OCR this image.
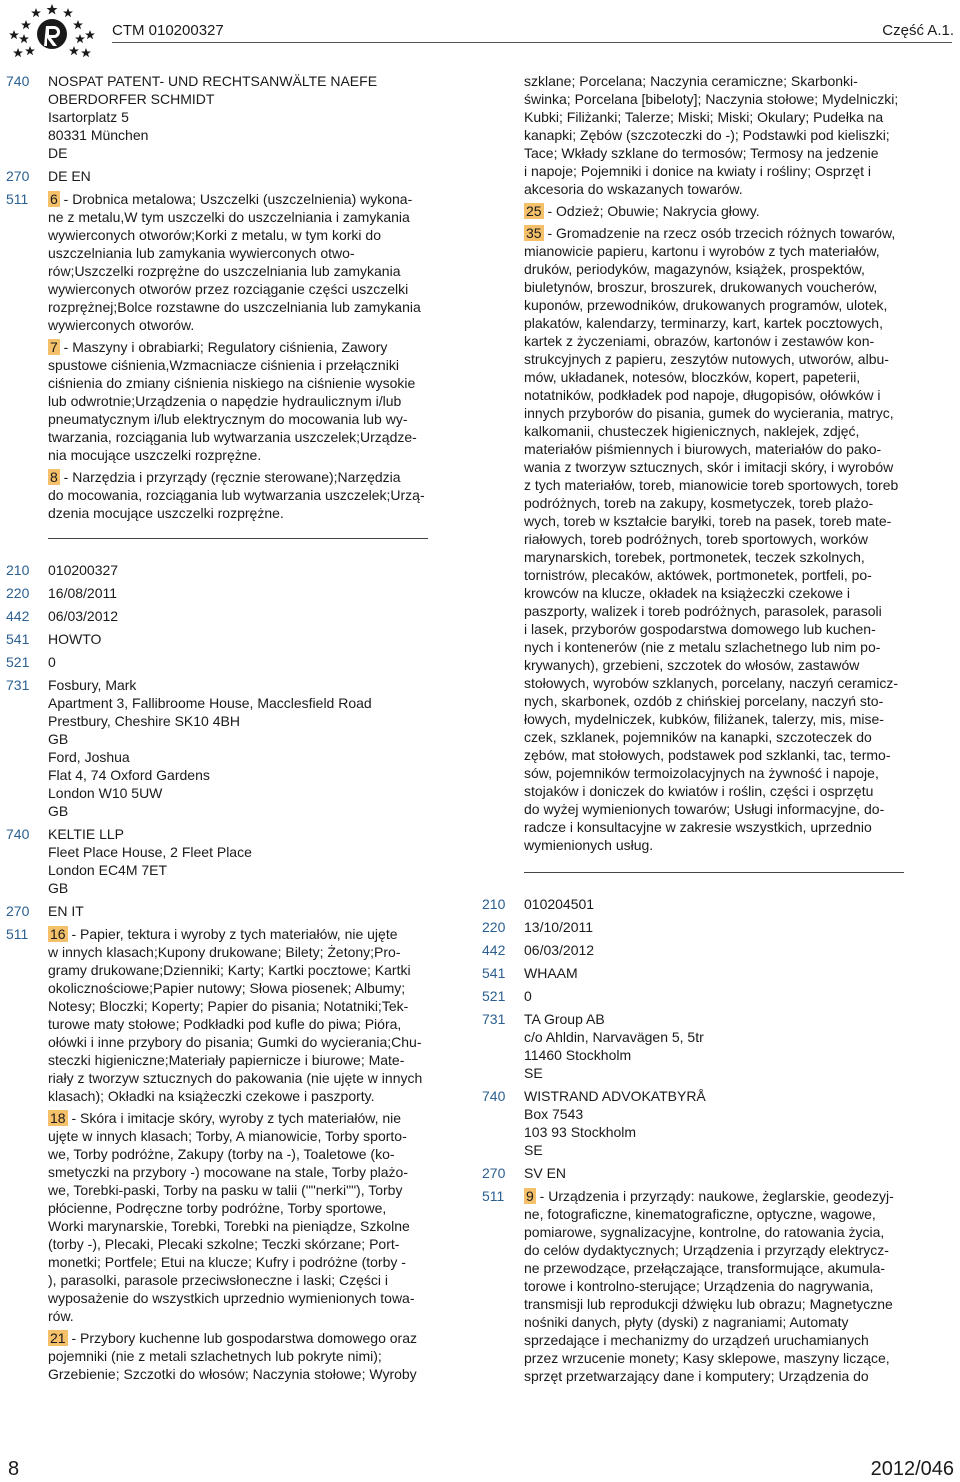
CTM 010200327	Część A.1.
740 NOSPAT PATENT- UND RECHTSANWÄLTE NAEFE
OBERDORFER SCHMIDT
Isartorplatz 5
80331 München
DE
270 DE EN
511 6 - Drobnica metalowa; Uszczelki (uszczelnienia) wykona-
ne z metalu,W tym uszczelki do uszczelniania i zamykania
wywierconych otworów;Korki z metalu, w tym korki do
uszczelniania lub zamykania wywierconych otwo-
rów;Uszczelki rozprężne do uszczelniania lub zamykania
wywierconych otworów przez rozciąganie części uszczelki
rozprężnej;Bolce rozstawne do uszczelniania lub zamykania
wywierconych otworów.
7 - Maszyny i obrabiarki; Regulatory ciśnienia, Zawory
spustowe ciśnienia,Wzmacniacze ciśnienia i przełączniki
ciśnienia do zmiany ciśnienia niskiego na ciśnienie wysokie
lub odwrotnie;Urządzenia o napędzie hydraulicznym i/lub
pneumatycznym i/lub elektrycznym do mocowania lub wy-
twarzania, rozciągania lub wytwarzania uszczelek;Urządze-
nia mocujące uszczelki rozprężne.
8 - Narzędzia i przyrządy (ręcznie sterowane);Narzędzia
do mocowania, rozciągania lub wytwarzania uszczelek;Urzą-
dzenia mocujące uszczelki rozprężne.
210 010200327
220 16/08/2011
442 06/03/2012
541 HOWTO
521 0
731 Fosbury, Mark
Apartment 3, Fallibroome House, Macclesfield Road
Prestbury, Cheshire SK10 4BH
GB
Ford, Joshua
Flat 4, 74 Oxford Gardens
London W10 5UW
GB
740 KELTIE LLP
Fleet Place House, 2 Fleet Place
London EC4M 7ET
GB
270 EN IT
511 16 - Papier, tektura i wyroby z tych materiałów, nie ujęte
w innych klasach;Kupony drukowane; Bilety; Żetony;Pro-
gramy drukowane;Dzienniki; Karty; Kartki pocztowe; Kartki
okolicznościowe;Papier nutowy; Słowa piosenek; Albumy;
Notesy; Bloczki; Koperty; Papier do pisania; Notatniki;Tek-
turowe maty stołowe; Podkładki pod kufle do piwa; Pióra,
ołówki i inne przybory do pisania; Gumki do wycierania;Chu-
steczki higieniczne;Materiały papiernicze i biurowe; Mate-
riały z tworzyw sztucznych do pakowania (nie ujęte w innych
klasach); Okładki na książeczki czekowe i paszporty.
18 - Skóra i imitacje skóry, wyroby z tych materiałów, nie
ujęte w innych klasach; Torby, A mianowicie, Torby sporto-
we, Torby podróżne, Zakupy (torby na -), Toaletowe (ko-
smetyczki na przybory -) mocowane na stale, Torby plażo-
we, Torebki-paski, Torby na pasku w talii (""nerki""), Torby
płócienne, Podręczne torby podróżne, Torby sportowe,
Worki marynarskie, Torebki, Torebki na pieniądze, Szkolne
(torby -), Plecaki, Plecaki szkolne; Teczki skórzane; Port-
monetki; Portfele; Etui na klucze; Kufry i podróżne (torby -
), parasolki, parasole przeciwsłoneczne i laski; Części i
wyposażenie do wszystkich uprzednio wymienionych towa-
rów.
21 - Przybory kuchenne lub gospodarstwa domowego oraz
pojemniki (nie z metali szlachetnych lub pokryte nimi);
Grzebienie; Szczotki do włosów; Naczynia stołowe; Wyroby
szklane; Porcelana; Naczynia ceramiczne; Skarbonki-
świnka; Porcelana [bibeloty]; Naczynia stołowe; Mydelniczki;
Kubki; Filiżanki; Talerze; Miski; Miski; Okulary; Pudełka na
kanapki; Zębów (szczoteczki do -); Podstawki pod kieliszki;
Tace; Wkłady szklane do termosów; Termosy na jedzenie
i napoje; Pojemniki i donice na kwiaty i rośliny; Osprzęt i
akcesoria do wskazanych towarów.
25 - Odzież; Obuwie; Nakrycia głowy.
35 - Gromadzenie na rzecz osób trzecich różnych towarów,
mianowicie papieru, kartonu i wyrobów z tych materiałów,
druków, periodyków, magazynów, książek, prospektów,
biuletynów, broszur, broszurek, drukowanych voucherów,
kuponów, przewodników, drukowanych programów, ulotek,
plakatów, kalendarzy, terminarzy, kart, kartek pocztowych,
kartek z życzeniami, obrazów, kartonów i zestawów kon-
strukcyjnych z papieru, zeszytów nutowych, utworów, albu-
mów, układanek, notesów, bloczków, kopert, papeterii,
notatników, podkładek pod napoje, długopisów, ołówków i
innych przyborów do pisania, gumek do wycierania, matryc,
kalkomanii, chusteczek higienicznych, naklejek, zdjęć,
materiałów piśmiennych i biurowych, materiałów do pako-
wania z tworzyw sztucznych, skór i imitacji skóry, i wyrobów
z tych materiałów, toreb, mianowicie toreb sportowych, toreb
podróżnych, toreb na zakupy, kosmetyczek, toreb plażo-
wych, toreb w kształcie baryłki, toreb na pasek, toreb mate-
riałowych, toreb podróżnych, toreb sportowych, worków
marynarskich, torebek, portmonetek, teczek szkolnych,
tornistrów, plecaków, aktówek, portmonetek, portfeli, po-
krowców na klucze, okładek na książeczki czekowe i
paszporty, walizek i toreb podróżnych, parasolek, parasoli
i lasek, przyborów gospodarstwa domowego lub kuchen-
nych i kontenerów (nie z metalu szlachetnego lub nim po-
krywanych), grzebieni, szczotek do włosów, zastawów
stołowych, wyrobów szklanych, porcelany, naczyń ceramicz-
nych, skarbonek, ozdób z chińskiej porcelany, naczyń sto-
łowych, mydelniczek, kubków, filiżanek, talerzy, mis, mise-
czek, szklanek, pojemników na kanapki, szczoteczek do
zębów, mat stołowych, podstawek pod szklanki, tac, termo-
sów, pojemników termoizolacyjnych na żywność i napoje,
stojaków i doniczek do kwiatów i roślin, części i osprzętu
do wyżej wymienionych towarów; Usługi informacyjne, do-
radcze i konsultacyjne w zakresie wszystkich, uprzednio
wymienionych usług.
210 010204501
220 13/10/2011
442 06/03/2012
541 WHAAM
521 0
731 TA Group AB
c/o Ahldin, Narvavägen 5, 5tr
11460 Stockholm
SE
740 WISTRAND ADVOKATBYRÅ
Box 7543
103 93 Stockholm
SE
270 SV EN
511 9 - Urządzenia i przyrządy: naukowe, żeglarskie, geodezyj-
ne, fotograficzne, kinematograficzne, optyczne, wagowe,
pomiarowe, sygnalizacyjne, kontrolne, do ratowania życia,
do celów dydaktycznych; Urządzenia i przyrządy elektrycz-
ne przewodzące, przełączające, transformujące, akumula-
torowe i kontrolno-sterujące; Urządzenia do nagrywania,
transmisji lub reprodukcji dźwięku lub obrazu; Magnetyczne
nośniki danych, płyty (dyski) z nagraniami; Automaty
sprzedające i mechanizmy do urządzeń uruchamianych
przez wrzucenie monety; Kasy sklepowe, maszyny liczące,
sprzęt przetwarzający dane i komputery; Urządzenia do
8	2012/046
